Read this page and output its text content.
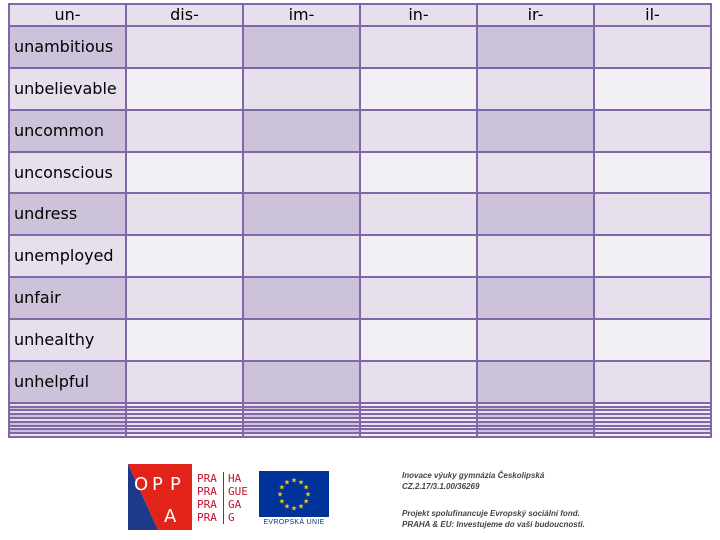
un-	dis-	im-	in-	ir-	il-
unambitious					
unbelievable					
uncommon					
unconscious					
undress					
unemployed					
unfair					
unhealthy					
unhelpful					

O P P
A
PRA	HA
PRA	GUE
PRA	GA
PRA	G
★
★
★
★
★
★
★
★
★ ★ ★
★
EVROPSKÁ UNIE
Inovace výuky gymnázia Českolipská
CZ.2.17/3.1.00/36269
Projekt spolufinancuje Evropský sociální fond.
PRAHA & EU: Investujeme do vaší budoucnosti.
